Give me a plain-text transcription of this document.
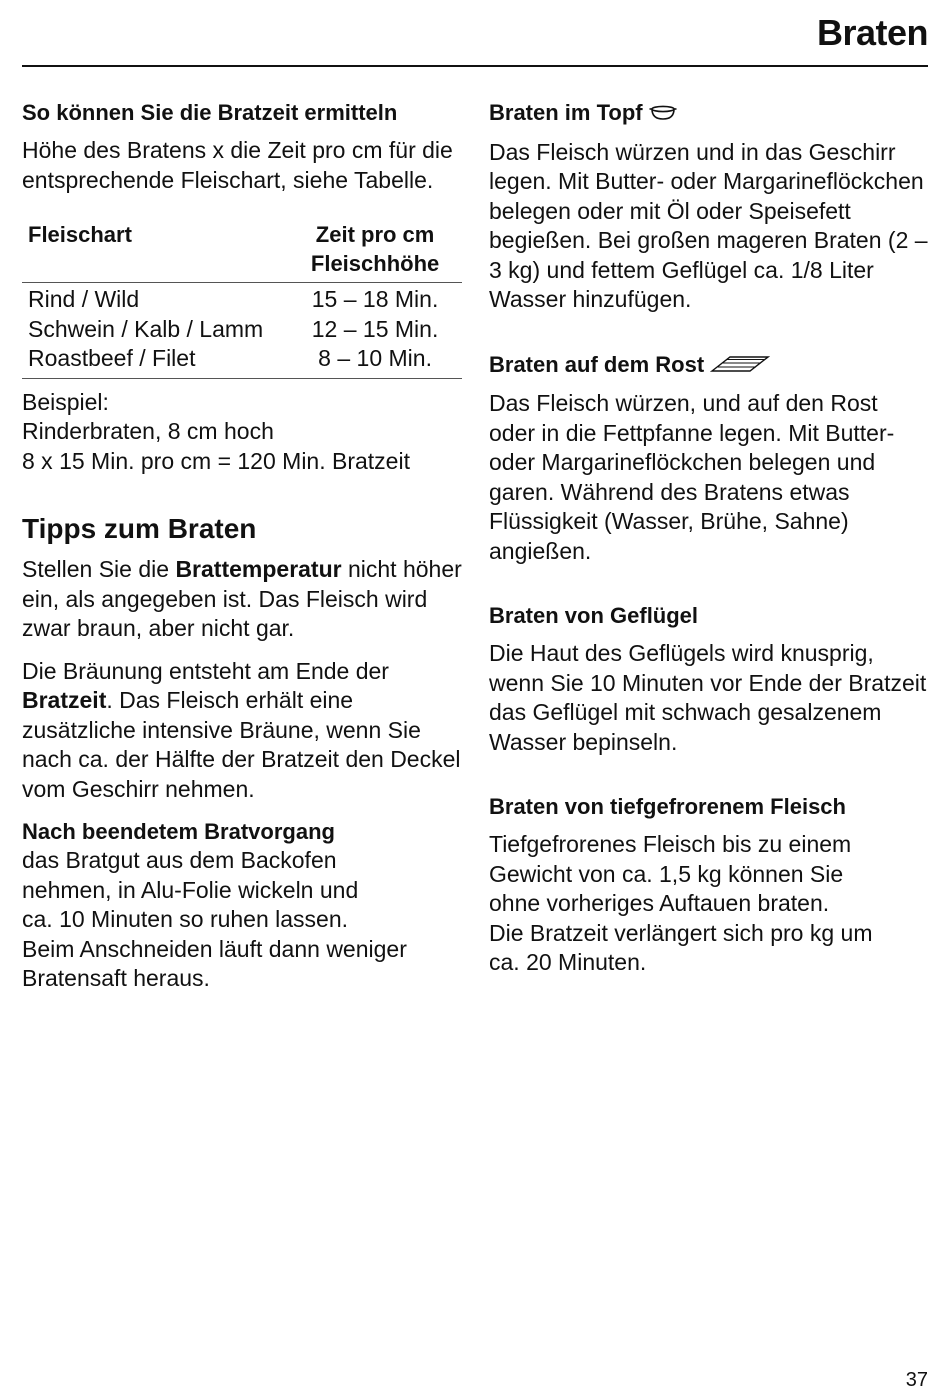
Braten

So können Sie die Bratzeit ermitteln

Höhe des Bratens x die Zeit pro cm für die entsprechende Fleischart, siehe Tabelle.

Fleischart	Zeit pro cm
Fleischhöhe
Rind / Wild	15 – 18 Min.
Schwein / Kalb / Lamm	12 – 15 Min.
Roastbeef / Filet	8 – 10 Min.

Beispiel:
Rinderbraten, 8 cm hoch
8 x 15 Min. pro cm = 120 Min. Bratzeit

Tipps zum Braten

Stellen Sie die Brattemperatur nicht höher ein, als angegeben ist. Das Fleisch wird zwar braun, aber nicht gar.

Die Bräunung entsteht am Ende der Bratzeit. Das Fleisch erhält eine zusätzliche intensive Bräune, wenn Sie nach ca. der Hälfte der Bratzeit den Deckel vom Geschirr nehmen.

Nach beendetem Bratvorgang

das Bratgut aus dem Backofen
nehmen, in Alu-Folie wickeln und
ca. 10 Minuten so ruhen lassen.
Beim Anschneiden läuft dann weniger
Bratensaft heraus.

Braten im Topf

Das Fleisch würzen und in das Geschirr legen. Mit Butter- oder Margarineflöckchen belegen oder mit Öl oder Speisefett begießen. Bei großen mageren Braten (2 – 3 kg) und fettem Geflügel ca. 1/8 Liter Wasser hinzufügen.

Braten auf dem Rost

Das Fleisch würzen, und auf den Rost oder in die Fettpfanne legen. Mit Butter- oder Margarineflöckchen belegen und garen. Während des Bratens etwas Flüssigkeit (Wasser, Brühe, Sahne) angießen.

Braten von Geflügel

Die Haut des Geflügels wird knusprig, wenn Sie 10 Minuten vor Ende der Bratzeit das Geflügel mit schwach gesalzenem Wasser bepinseln.

Braten von tiefgefrorenem Fleisch

Tiefgefrorenes Fleisch bis zu einem
Gewicht von ca. 1,5 kg können Sie
ohne vorheriges Auftauen braten.
Die Bratzeit verlängert sich pro kg um
ca. 20 Minuten.

37
